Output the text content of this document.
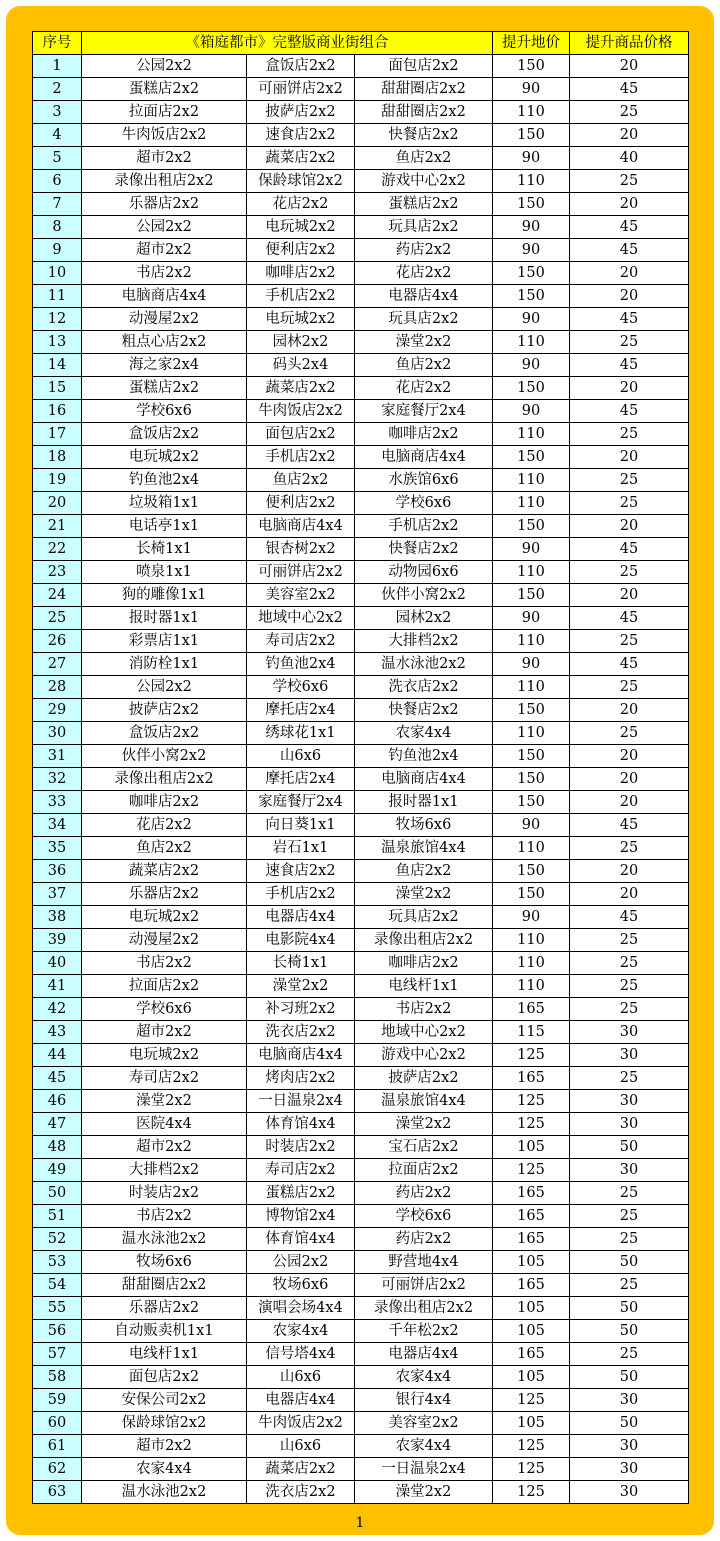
序号	《箱庭都市》完整版商业街组合			提升地价	提升商品价格
1	公园2x2	盒饭店2x2	面包店2x2	150	20
2	蛋糕店2x2	可丽饼店2x2	甜甜圈店2x2	90	45
3	拉面店2x2	披萨店2x2	甜甜圈店2x2	110	25
4	牛肉饭店2x2	速食店2x2	快餐店2x2	150	20
5	超市2x2	蔬菜店2x2	鱼店2x2	90	40
6	录像出租店2x2	保龄球馆2x2	游戏中心2x2	110	25
7	乐器店2x2	花店2x2	蛋糕店2x2	150	20
8	公园2x2	电玩城2x2	玩具店2x2	90	45
9	超市2x2	便利店2x2	药店2x2	90	45
10	书店2x2	咖啡店2x2	花店2x2	150	20
11	电脑商店4x4	手机店2x2	电器店4x4	150	20
12	动漫屋2x2	电玩城2x2	玩具店2x2	90	45
13	粗点心店2x2	园林2x2	澡堂2x2	110	25
14	海之家2x4	码头2x4	鱼店2x2	90	45
15	蛋糕店2x2	蔬菜店2x2	花店2x2	150	20
16	学校6x6	牛肉饭店2x2	家庭餐厅2x4	90	45
17	盒饭店2x2	面包店2x2	咖啡店2x2	110	25
18	电玩城2x2	手机店2x2	电脑商店4x4	150	20
19	钓鱼池2x4	鱼店2x2	水族馆6x6	110	25
20	垃圾箱1x1	便利店2x2	学校6x6	110	25
21	电话亭1x1	电脑商店4x4	手机店2x2	150	20
22	长椅1x1	银杏树2x2	快餐店2x2	90	45
23	喷泉1x1	可丽饼店2x2	动物园6x6	110	25
24	狗的雕像1x1	美容室2x2	伙伴小窝2x2	150	20
25	报时器1x1	地域中心2x2	园林2x2	90	45
26	彩票店1x1	寿司店2x2	大排档2x2	110	25
27	消防栓1x1	钓鱼池2x4	温水泳池2x2	90	45
28	公园2x2	学校6x6	洗衣店2x2	110	25
29	披萨店2x2	摩托店2x4	快餐店2x2	150	20
30	盒饭店2x2	绣球花1x1	农家4x4	110	25
31	伙伴小窝2x2	山6x6	钓鱼池2x4	150	20
32	录像出租店2x2	摩托店2x4	电脑商店4x4	150	20
33	咖啡店2x2	家庭餐厅2x4	报时器1x1	150	20
34	花店2x2	向日葵1x1	牧场6x6	90	45
35	鱼店2x2	岩石1x1	温泉旅馆4x4	110	25
36	蔬菜店2x2	速食店2x2	鱼店2x2	150	20
37	乐器店2x2	手机店2x2	澡堂2x2	150	20
38	电玩城2x2	电器店4x4	玩具店2x2	90	45
39	动漫屋2x2	电影院4x4	录像出租店2x2	110	25
40	书店2x2	长椅1x1	咖啡店2x2	110	25
41	拉面店2x2	澡堂2x2	电线杆1x1	110	25
42	学校6x6	补习班2x2	书店2x2	165	25
43	超市2x2	洗衣店2x2	地域中心2x2	115	30
44	电玩城2x2	电脑商店4x4	游戏中心2x2	125	30
45	寿司店2x2	烤肉店2x2	披萨店2x2	165	25
46	澡堂2x2	一日温泉2x4	温泉旅馆4x4	125	30
47	医院4x4	体育馆4x4	澡堂2x2	125	30
48	超市2x2	时装店2x2	宝石店2x2	105	50
49	大排档2x2	寿司店2x2	拉面店2x2	125	30
50	时装店2x2	蛋糕店2x2	药店2x2	165	25
51	书店2x2	博物馆2x4	学校6x6	165	25
52	温水泳池2x2	体育馆4x4	药店2x2	165	25
53	牧场6x6	公园2x2	野营地4x4	105	50
54	甜甜圈店2x2	牧场6x6	可丽饼店2x2	165	25
55	乐器店2x2	演唱会场4x4	录像出租店2x2	105	50
56	自动贩卖机1x1	农家4x4	千年松2x2	105	50
57	电线杆1x1	信号塔4x4	电器店4x4	165	25
58	面包店2x2	山6x6	农家4x4	105	50
59	安保公司2x2	电器店4x4	银行4x4	125	30
60	保龄球馆2x2	牛肉饭店2x2	美容室2x2	105	50
61	超市2x2	山6x6	农家4x4	125	30
62	农家4x4	蔬菜店2x2	一日温泉2x4	125	30
63	温水泳池2x2	洗衣店2x2	澡堂2x2	125	30
1
